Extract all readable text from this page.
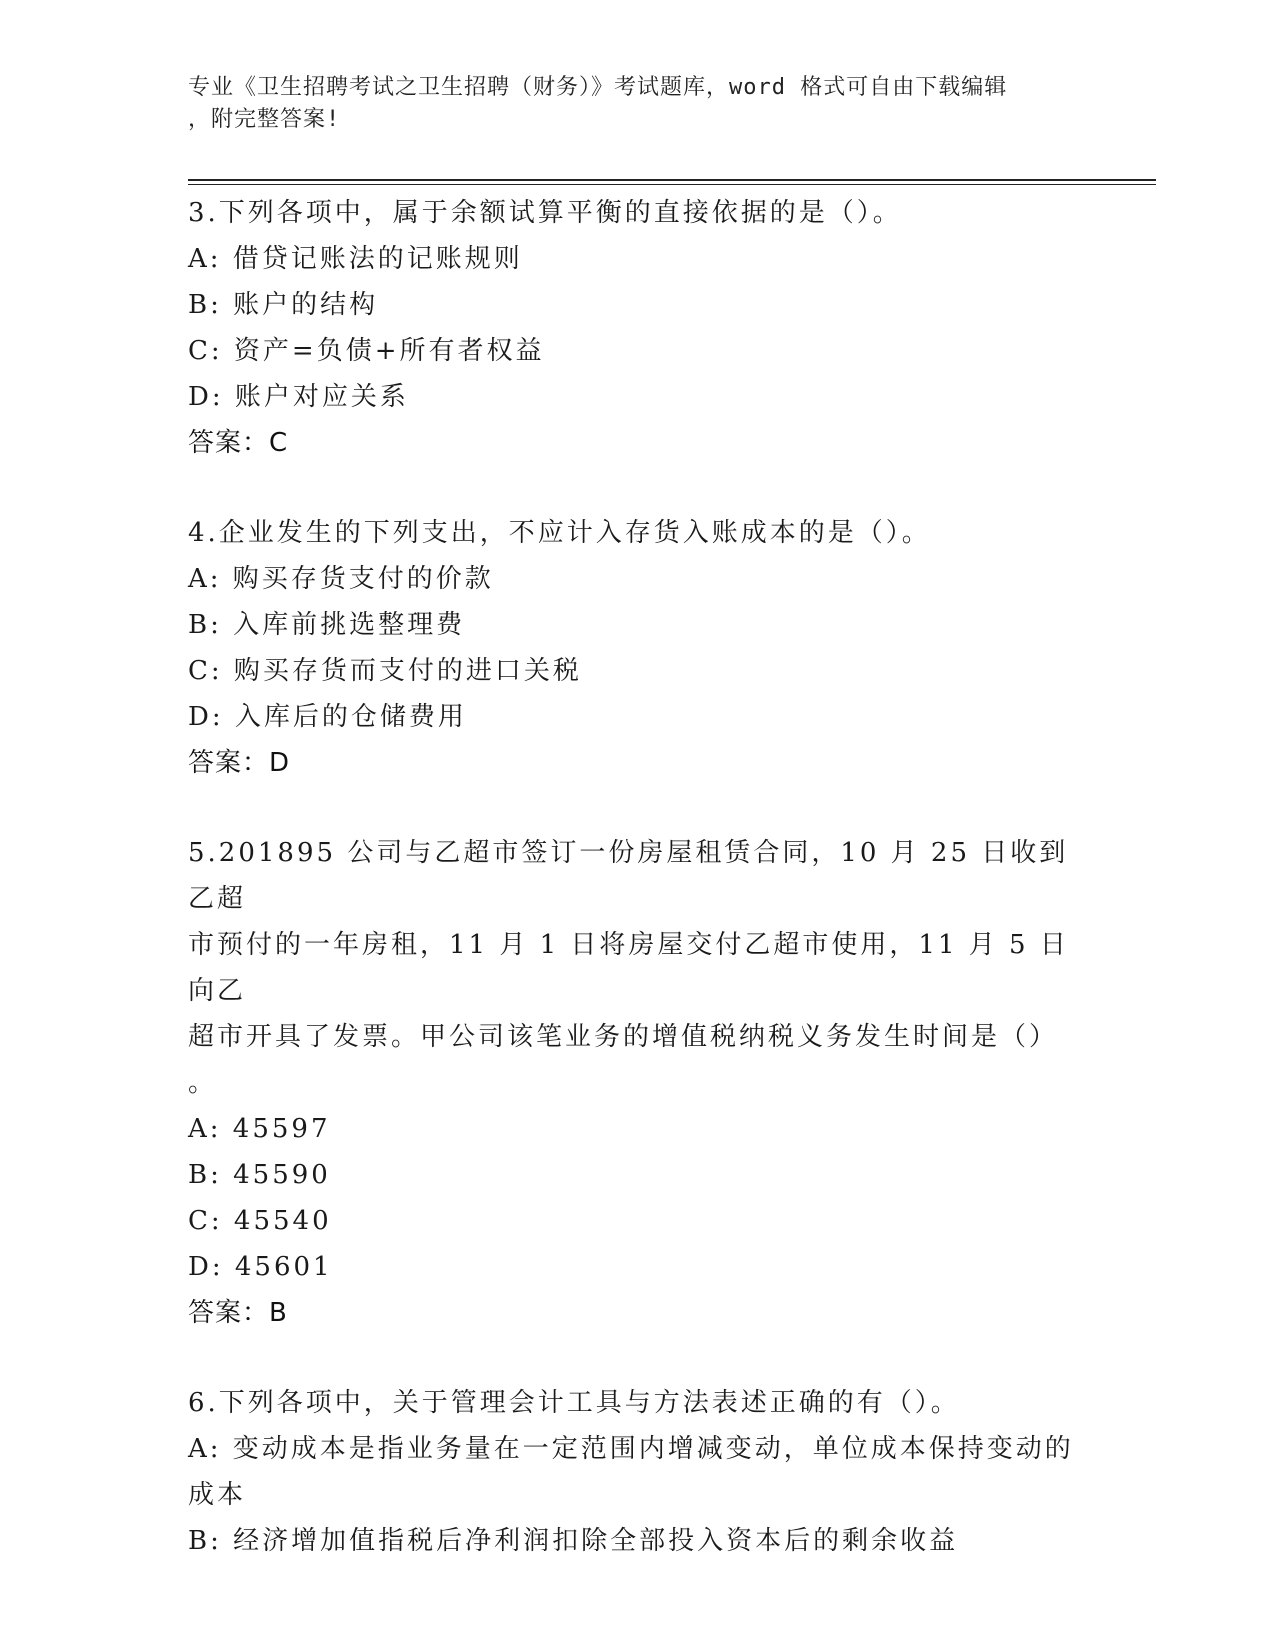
专业《卫生招聘考试之卫生招聘（财务）》考试题库，word 格式可自由下载编辑
，附完整答案!
3.下列各项中，属于余额试算平衡的直接依据的是（）。
A: 借贷记账法的记账规则
B: 账户的结构
C: 资产=负债+所有者权益
D: 账户对应关系
答案：C
4.企业发生的下列支出，不应计入存货入账成本的是（）。
A: 购买存货支付的价款
B: 入库前挑选整理费
C: 购买存货而支付的进口关税
D: 入库后的仓储费用
答案：D
5.201895 公司与乙超市签订一份房屋租赁合同，10 月 25 日收到乙超
市预付的一年房租，11 月 1 日将房屋交付乙超市使用，11 月 5 日向乙
超市开具了发票。甲公司该笔业务的增值税纳税义务发生时间是（）
。
A: 45597
B: 45590
C: 45540
D: 45601
答案：B
6.下列各项中，关于管理会计工具与方法表述正确的有（）。
A: 变动成本是指业务量在一定范围内增减变动，单位成本保持变动的
成本
B: 经济增加值指税后净利润扣除全部投入资本后的剩余收益
